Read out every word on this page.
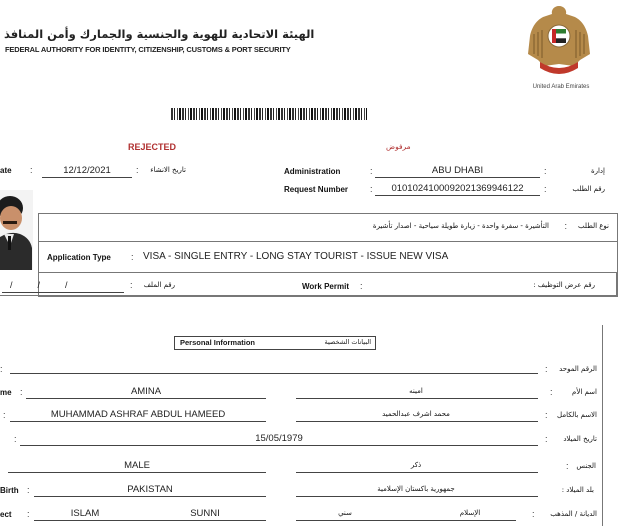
الهيئة الاتحادية للهوية والجنسية والجمارك وأمن المنافذ
FEDERAL AUTHORITY FOR IDENTITY, CITIZENSHIP, CUSTOMS & PORT SECURITY
United Arab Emirates
REJECTED	مرفوض
ate :	12/12/2021	:	تاريخ الانشاء	Administration	:	ABU DHABI	:	إدارة
Request Number :	01010241000920213699461​22	:	رقم الطلب
نوع الطلب
:
التأشيرة - سفرة واحدة - زيارة طويلة سياحية - اصدار تأشيرة
Application Type : VISA - SINGLE ENTRY - LONG STAY TOURIST - ISSUE NEW VISA
/          /          /	: رقم الملف	Work Permit :	رقم عرض التوظيف :
Personal Information	البيانات الشخصية
:	:	الرقم الموحد
me :	AMINA	امينه	:	اسم الأم
:	MUHAMMAD ASHRAF ABDUL HAMEED	محمد اشرف عبدالحميد	: الاسم بالكامل
:	15/05/1979	:	تاريخ الميلاد
MALE	ذكر	:	الجنس
Birth :	PAKISTAN	جمهورية باكستان الإسلامية	بلد الميلاد :
ect :	ISLAM	SUNNI	سني	الإسلام	:	الديانة / المذهب
